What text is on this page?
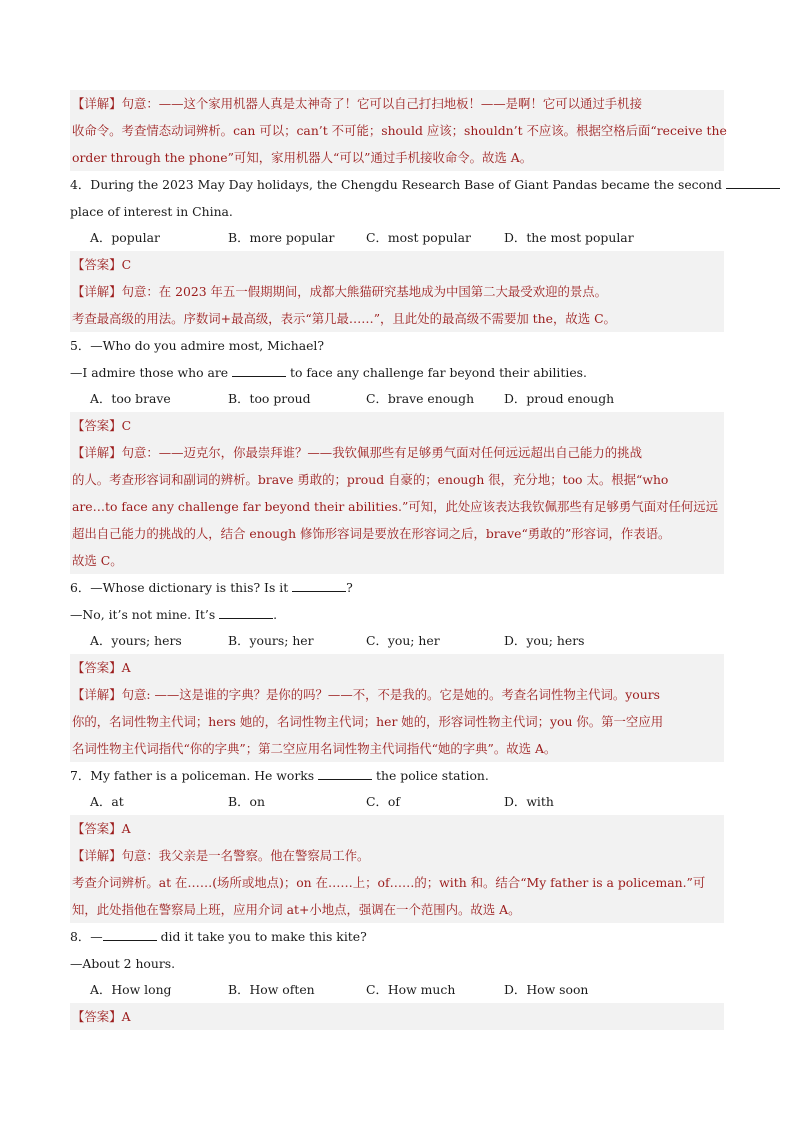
【详解】句意：——这个家用机器人真是太神奇了！它可以自己打扫地板！——是啊！它可以通过手机接
收命令。考查情态动词辨析。can 可以；can’t 不可能；should 应该；shouldn’t 不应该。根据空格后面“receive the
order through the phone”可知，家用机器人“可以”通过手机接收命令。故选 A。
4．During the 2023 May Day holidays, the Chengdu Research Base of Giant Pandas became the second
place of interest in China.
A．popular	B．more popular	C．most popular	D．the most popular
【答案】C
【详解】句意：在 2023 年五一假期期间，成都大熊猫研究基地成为中国第二大最受欢迎的景点。
考查最高级的用法。序数词+最高级，表示“第几最……”，且此处的最高级不需要加 the，故选 C。
5．—Who do you admire most, Michael?
—I admire those who are	to face any challenge far beyond their abilities.
A．too brave	B．too proud	C．brave enough	D．proud enough
【答案】C
【详解】句意：——迈克尔，你最崇拜谁？——我钦佩那些有足够勇气面对任何远远超出自己能力的挑战
的人。考查形容词和副词的辨析。brave 勇敢的；proud 自豪的；enough 很，充分地；too 太。根据“who
are…to face any challenge far beyond their abilities.”可知，此处应该表达我钦佩那些有足够勇气面对任何远远
超出自己能力的挑战的人，结合 enough 修饰形容词是要放在形容词之后，brave“勇敢的”形容词，作表语。
故选 C。
6．—Whose dictionary is this? Is it	?
—No, it’s not mine. It’s	.
A．yours; hers	B．yours; her	C．you; her	D．you; hers
【答案】A
【详解】句意: ——这是谁的字典？是你的吗？——不，不是我的。它是她的。考查名词性物主代词。yours
你的，名词性物主代词；hers 她的，名词性物主代词；her 她的，形容词性物主代词；you 你。第一空应用
名词性物主代词指代“你的字典”；第二空应用名词性物主代词指代“她的字典”。故选 A。
7．My father is a policeman. He works	the police station.
A．at	B．on	C．of	D．with
【答案】A
【详解】句意：我父亲是一名警察。他在警察局工作。
考查介词辨析。at 在……(场所或地点)；on 在……上；of……的；with 和。结合“My father is a policeman.”可
知，此处指他在警察局上班，应用介词 at+小地点，强调在一个范围内。故选 A。
8．—	did it take you to make this kite?
—About 2 hours.
A．How long	B．How often	C．How much	D．How soon
【答案】A
